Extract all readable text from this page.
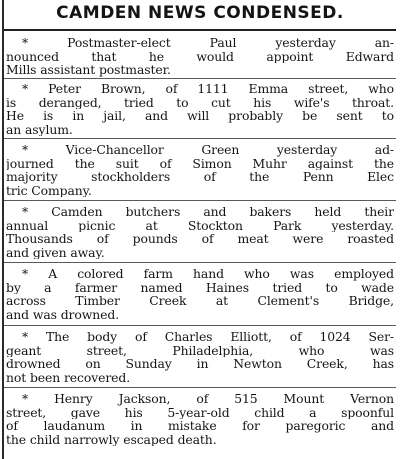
CAMDEN NEWS CONDENSED.
* Postmaster-elect Paul yesterday an-
nounced that he would appoint Edward
Mills assistant postmaster.
* Peter Brown, of 1111 Emma street, who
is deranged, tried to cut his wife's throat.
He is in jail, and will probably be sent to
an asylum.
* Vice-Chancellor Green yesterday ad-
journed the suit of Simon Muhr against the
majority stockholders of the Penn Elec
tric Company.
* Camden butchers and bakers held their
annual picnic at Stockton Park yesterday.
Thousands of pounds of meat were roasted
and given away.
* A colored farm hand who was employed
by a farmer named Haines tried to wade
across Timber Creek at Clement's Bridge,
and was drowned.
* The body of Charles Elliott, of 1024 Ser-
geant street, Philadelphia, who was
drowned on Sunday in Newton Creek, has
not been recovered.
* Henry Jackson, of 515 Mount Vernon
street, gave his 5-year-old child a spoonful
of laudanum in mistake for paregoric and
the child narrowly escaped death.
